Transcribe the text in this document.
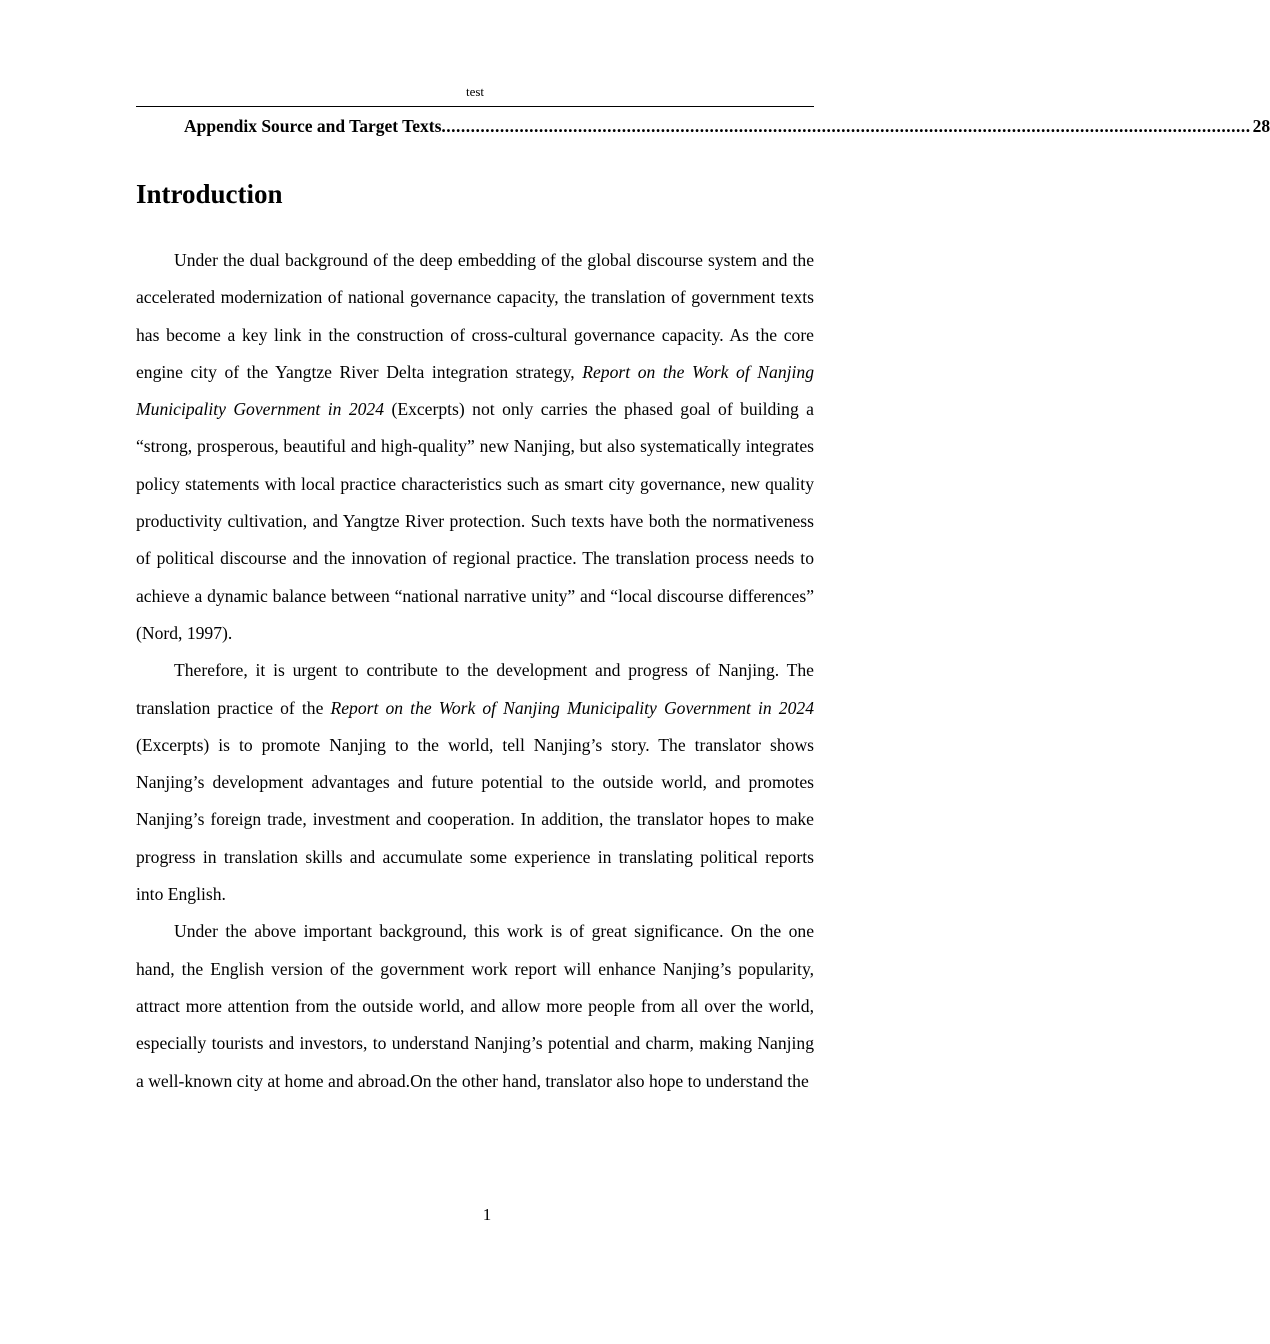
test
Appendix Source and Target Texts ...................................................................................................................................................................... 28
Introduction

Under the dual background of the deep embedding of the global discourse system and the accelerated modernization of national governance capacity, the translation of government texts has become a key link in the construction of cross-cultural governance capacity. As the core engine city of the Yangtze River Delta integration strategy, Report on the Work of Nanjing Municipality Government in 2024 (Excerpts) not only carries the phased goal of building a “strong, prosperous, beautiful and high-quality” new Nanjing, but also systematically integrates policy statements with local practice characteristics such as smart city governance, new quality productivity cultivation, and Yangtze River protection. Such texts have both the normativeness of political discourse and the innovation of regional practice. The translation process needs to achieve a dynamic balance between “national narrative unity” and “local discourse differences” (Nord, 1997).

Therefore, it is urgent to contribute to the development and progress of Nanjing. The translation practice of the Report on the Work of Nanjing Municipality Government in 2024 (Excerpts) is to promote Nanjing to the world, tell Nanjing’s story. The translator shows Nanjing’s development advantages and future potential to the outside world, and promotes Nanjing’s foreign trade, investment and cooperation. In addition, the translator hopes to make progress in translation skills and accumulate some experience in translating political reports into English.

Under the above important background, this work is of great significance. On the one hand, the English version of the government work report will enhance Nanjing’s popularity, attract more attention from the outside world, and allow more people from all over the world, especially tourists and investors, to understand Nanjing’s potential and charm, making Nanjing a well-known city at home and abroad.On the other hand, translator also hope to understand the

1
